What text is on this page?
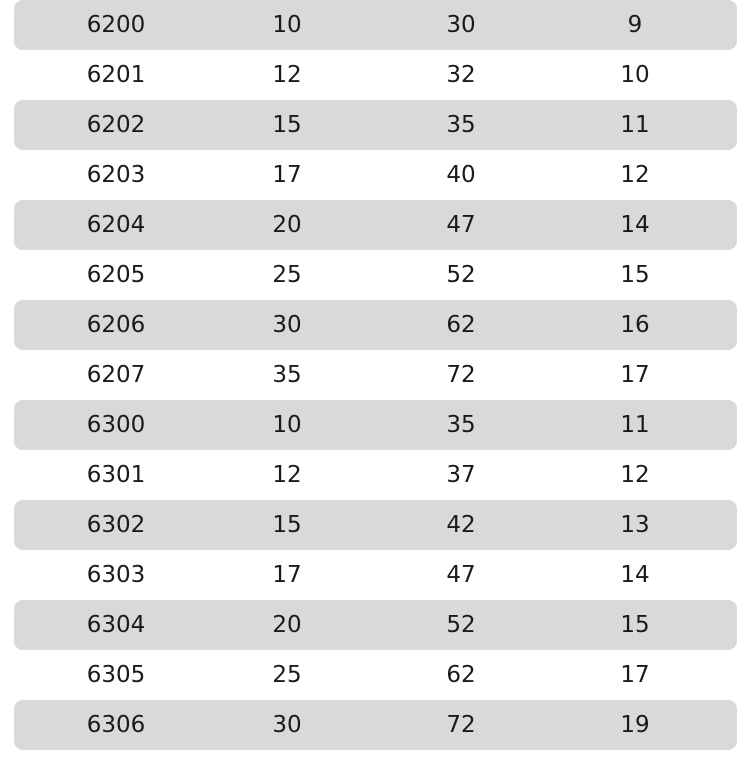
6200	10	30	9
6201	12	32	10
6202	15	35	11
6203	17	40	12
6204	20	47	14
6205	25	52	15
6206	30	62	16
6207	35	72	17
6300	10	35	11
6301	12	37	12
6302	15	42	13
6303	17	47	14
6304	20	52	15
6305	25	62	17
6306	30	72	19
